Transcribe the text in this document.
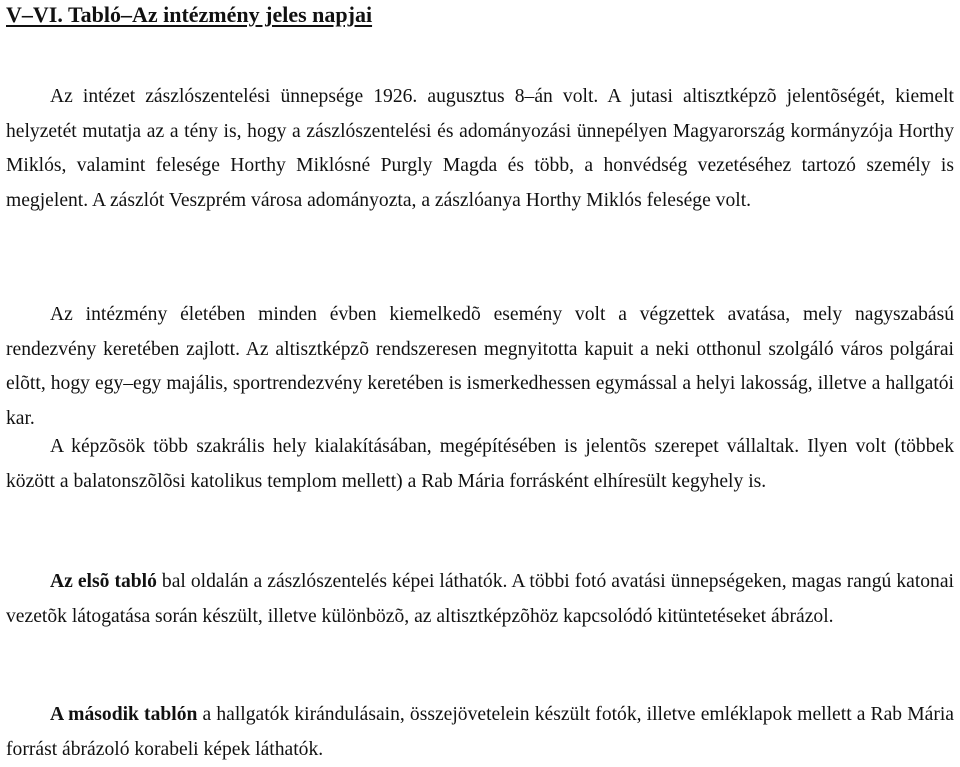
V–VI. Tabló–Az intézmény jeles napjai

Az intézet zászlószentelési ünnepsége 1926. augusztus 8–án volt. A jutasi altisztképzõ jelentõségét, kiemelt helyzetét mutatja az a tény is, hogy a zászlószentelési és adományozási ünnepélyen Magyarország kormányzója Horthy Miklós, valamint felesége Horthy Miklósné Purgly Magda és több, a honvédség vezetéséhez tartozó személy is megjelent. A zászlót Veszprém városa adományozta, a zászlóanya Horthy Miklós felesége volt.

Az intézmény életében minden évben kiemelkedõ esemény volt a végzettek avatása, mely nagyszabású rendezvény keretében zajlott. Az altisztképzõ rendszeresen megnyitotta kapuit a neki otthonul szolgáló város polgárai elõtt, hogy egy–egy majális, sportrendezvény keretében is ismerkedhessen egymással a helyi lakosság, illetve a hallgatói kar.

A képzõsök több szakrális hely kialakításában, megépítésében is jelentõs szerepet vállaltak. Ilyen volt (többek között a balatonszõlõsi katolikus templom mellett) a Rab Mária forrásként elhíresült kegyhely is.

Az elsõ tabló bal oldalán a zászlószentelés képei láthatók. A többi fotó avatási ünnepségeken, magas rangú katonai vezetõk látogatása során készült, illetve különbözõ, az altisztképzõhöz kapcsolódó kitüntetéseket ábrázol.

A második tablón a hallgatók kirándulásain, összejövetelein készült fotók, illetve emléklapok mellett a Rab Mária forrást ábrázoló korabeli képek láthatók.
